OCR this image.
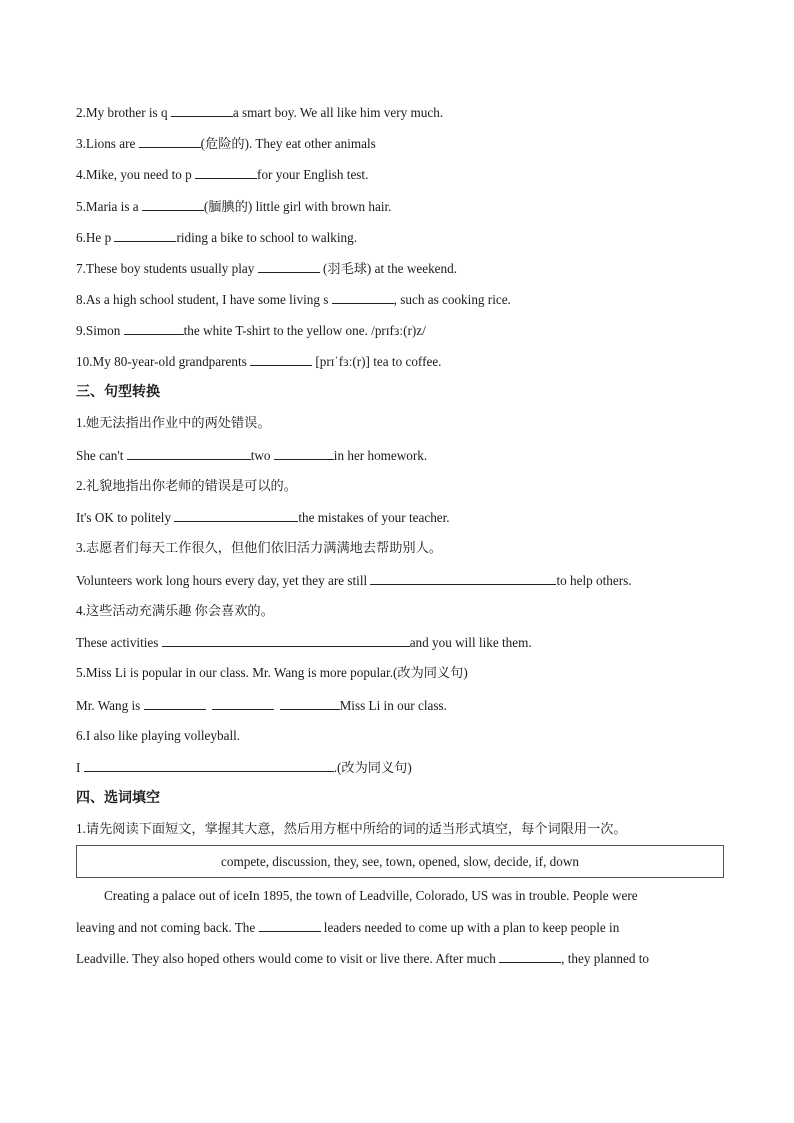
2.My brother is q	a smart boy. We all like him very much.
3.Lions are	(危险的). They eat other animals
4.Mike, you need to p	for your English test.
5.Maria is a	(腼腆的) little girl with brown hair.
6.He p	riding a bike to school to walking.
7.These boy students usually play	(羽毛球) at the weekend.
8.As a high school student, I have some living s	, such as cooking rice.
9.Simon	the white T-shirt to the yellow one. /prɪfɜː(r)z/
10.My 80-year-old grandparents	[prɪˈfɜː(r)] tea to coffee.
三、句型转换
1.她无法指出作业中的两处错误。
She can't	two	in her homework.
2.礼貌地指出你老师的错误是可以的。
It's OK to politely	the mistakes of your teacher.
3.志愿者们每天工作很久，但他们依旧活力满满地去帮助别人。
Volunteers work long hours every day, yet they are still	to help others.
4.这些活动充满乐趣 你会喜欢的。
These activities	and you will like them.
5.Miss Li is popular in our class. Mr. Wang is more popular.(改为同义句)
Mr. Wang is	Miss Li in our class.
6.I also like playing volleyball.
I	.(改为同义句)
四、选词填空
1.请先阅读下面短文，掌握其大意，然后用方框中所给的词的适当形式填空，每个词限用一次。
compete, discussion, they, see, town, opened, slow, decide, if, down
Creating a palace out of iceIn 1895, the town of Leadville, Colorado, US was in trouble. People were
leaving and not coming back. The	leaders needed to come up with a plan to keep people in
Leadville. They also hoped others would come to visit or live there. After much	, they planned to
